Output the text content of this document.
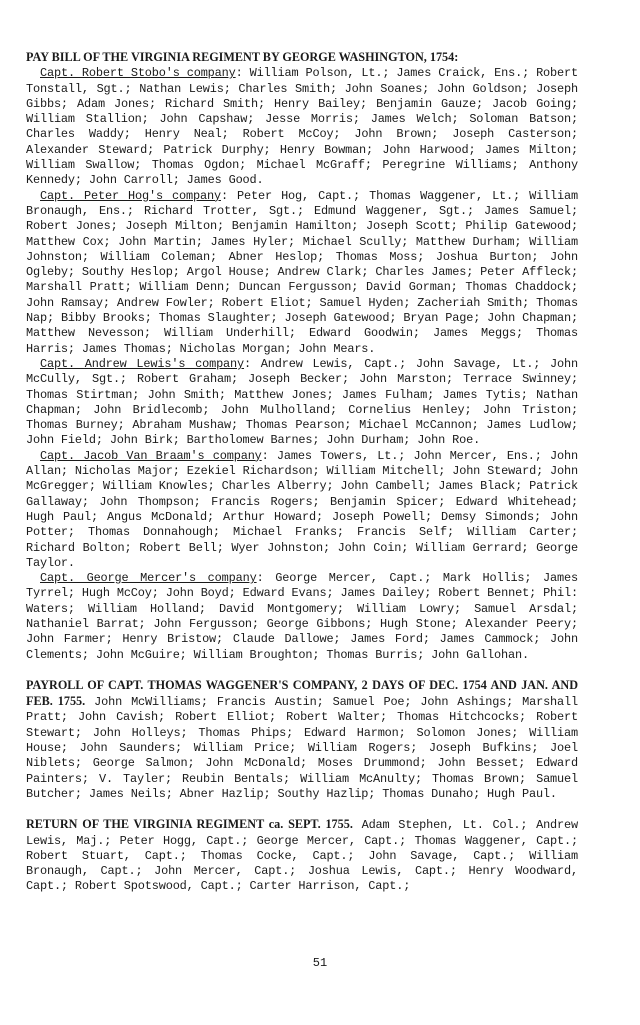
PAY BILL OF THE VIRGINIA REGIMENT BY GEORGE WASHINGTON, 1754:

Capt. Robert Stobo's company: William Polson, Lt.; James Craick, Ens.; Robert Tonstall, Sgt.; Nathan Lewis; Charles Smith; John Soanes; John Goldson; Joseph Gibbs; Adam Jones; Richard Smith; Henry Bailey; Benjamin Gauze; Jacob Going; William Stallion; John Capshaw; Jesse Morris; James Welch; Soloman Batson; Charles Waddy; Henry Neal; Robert McCoy; John Brown; Joseph Casterson; Alexander Steward; Patrick Durphy; Henry Bowman; John Harwood; James Milton; William Swallow; Thomas Ogdon; Michael McGraff; Peregrine Williams; Anthony Kennedy; John Carroll; James Good.

Capt. Peter Hog's company: Peter Hog, Capt.; Thomas Waggener, Lt.; William Bronaugh, Ens.; Richard Trotter, Sgt.; Edmund Waggener, Sgt.; James Samuel; Robert Jones; Joseph Milton; Benjamin Hamilton; Joseph Scott; Philip Gatewood; Matthew Cox; John Martin; James Hyler; Michael Scully; Matthew Durham; William Johnston; William Coleman; Abner Heslop; Thomas Moss; Joshua Burton; John Ogleby; Southy Heslop; Argol House; Andrew Clark; Charles James; Peter Affleck; Marshall Pratt; William Denn; Duncan Fergusson; David Gorman; Thomas Chaddock; John Ramsay; Andrew Fowler; Robert Eliot; Samuel Hyden; Zacheriah Smith; Thomas Nap; Bibby Brooks; Thomas Slaughter; Joseph Gatewood; Bryan Page; John Chapman; Matthew Nevesson; William Underhill; Edward Goodwin; James Meggs; Thomas Harris; James Thomas; Nicholas Morgan; John Mears.

Capt. Andrew Lewis's company: Andrew Lewis, Capt.; John Savage, Lt.; John McCully, Sgt.; Robert Graham; Joseph Becker; John Marston; Terrace Swinney; Thomas Stirtman; John Smith; Matthew Jones; James Fulham; James Tytis; Nathan Chapman; John Bridlecomb; John Mulholland; Cornelius Henley; John Triston; Thomas Burney; Abraham Mushaw; Thomas Pearson; Michael McCannon; James Ludlow; John Field; John Birk; Bartholomew Barnes; John Durham; John Roe.

Capt. Jacob Van Braam's company: James Towers, Lt.; John Mercer, Ens.; John Allan; Nicholas Major; Ezekiel Richardson; William Mitchell; John Steward; John McGregger; William Knowles; Charles Alberry; John Cambell; James Black; Patrick Gallaway; John Thompson; Francis Rogers; Benjamin Spicer; Edward Whitehead; Hugh Paul; Angus McDonald; Arthur Howard; Joseph Powell; Demsy Simonds; John Potter; Thomas Donnahough; Michael Franks; Francis Self; William Carter; Richard Bolton; Robert Bell; Wyer Johnston; John Coin; William Gerrard; George Taylor.

Capt. George Mercer's company: George Mercer, Capt.; Mark Hollis; James Tyrrel; Hugh McCoy; John Boyd; Edward Evans; James Dailey; Robert Bennet; Phil: Waters; William Holland; David Montgomery; William Lowry; Samuel Arsdal; Nathaniel Barrat; John Fergusson; George Gibbons; Hugh Stone; Alexander Peery; John Farmer; Henry Bristow; Claude Dallowe; James Ford; James Cammock; John Clements; John McGuire; William Broughton; Thomas Burris; John Gallohan.

PAYROLL OF CAPT. THOMAS WAGGENER'S COMPANY, 2 DAYS OF DEC. 1754 AND JAN. AND FEB. 1755. John McWilliams; Francis Austin; Samuel Poe; John Ashings; Marshall Pratt; John Cavish; Robert Elliot; Robert Walter; Thomas Hitchcocks; Robert Stewart; John Holleys; Thomas Phips; Edward Harmon; Solomon Jones; William House; John Saunders; William Price; William Rogers; Joseph Bufkins; Joel Niblets; George Salmon; John McDonald; Moses Drummond; John Besset; Edward Painters; V. Tayler; Reubin Bentals; William McAnulty; Thomas Brown; Samuel Butcher; James Neils; Abner Hazlip; Southy Hazlip; Thomas Dunaho; Hugh Paul.

RETURN OF THE VIRGINIA REGIMENT ca. SEPT. 1755. Adam Stephen, Lt. Col.; Andrew Lewis, Maj.; Peter Hogg, Capt.; George Mercer, Capt.; Thomas Waggener, Capt.; Robert Stuart, Capt.; Thomas Cocke, Capt.; John Savage, Capt.; William Bronaugh, Capt.; John Mercer, Capt.; Joshua Lewis, Capt.; Henry Woodward, Capt.; Robert Spotswood, Capt.; Carter Harrison, Capt.;

51
